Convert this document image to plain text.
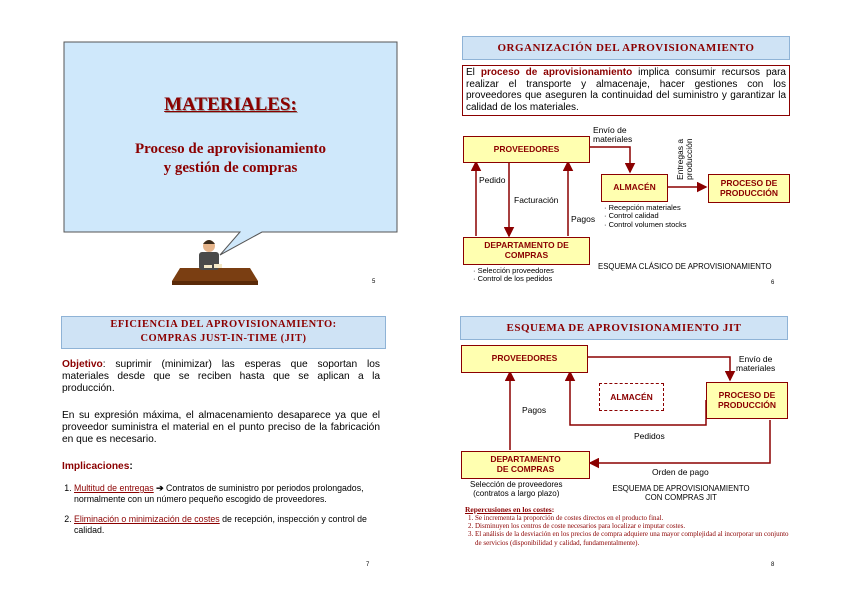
MATERIALES:
Proceso de aprovisionamiento
y gestión de compras
5
ORGANIZACIÓN DEL APROVISIONAMIENTO
El proceso de aprovisionamiento implica consumir recursos para realizar el transporte y almacenaje, hacer gestiones con los proveedores que aseguren la continuidad del suministro y garantizar la calidad de los materiales.
PROVEEDORES
ALMACÉN	PROCESO DE
PRODUCCIÓN
DEPARTAMENTO DE
COMPRAS
Envío de
materiales	Entregas a producción
Pedido
Facturación
Pagos
· Recepción materiales
· Control calidad
· Control volumen stocks
· Selección proveedores
· Control de los pedidos
ESQUEMA CLÁSICO DE APROVISIONAMIENTO
6
EFICIENCIA DEL APROVISIONAMIENTO:
COMPRAS JUST-IN-TIME (JIT)
Objetivo: suprimir (minimizar) las esperas que soportan los materiales desde que se reciben hasta que se aplican a la producción.
En su expresión máxima, el almacenamiento desaparece ya que el proveedor suministra el material en el punto preciso de la fabricación en que es necesario.
Implicaciones:
1. Multitud de entregas ➔ Contratos de suministro por periodos prolongados, normalmente con un número pequeño escogido de proveedores.
2. Eliminación o minimización de costes de recepción, inspección y control de calidad.
7
ESQUEMA DE APROVISIONAMIENTO JIT
PROVEEDORES
ALMACÉN	PROCESO DE
PRODUCCIÓN
DEPARTAMENTO
DE COMPRAS
Envío de
materiales
Pagos
Pedidos
Orden de pago
Selección de proveedores
(contratos a largo plazo)
ESQUEMA DE APROVISIONAMIENTO
CON COMPRAS JIT
Repercusiones en los costes:
1. Se incrementa la proporción de costes directos en el producto final.
2. Disminuyen los centros de coste necesarios para localizar e imputar costes.
3. El análisis de la desviación en los precios de compra adquiere una mayor complejidad al incorporar un conjunto de servicios (disponibilidad y calidad, fundamentalmente).
8
